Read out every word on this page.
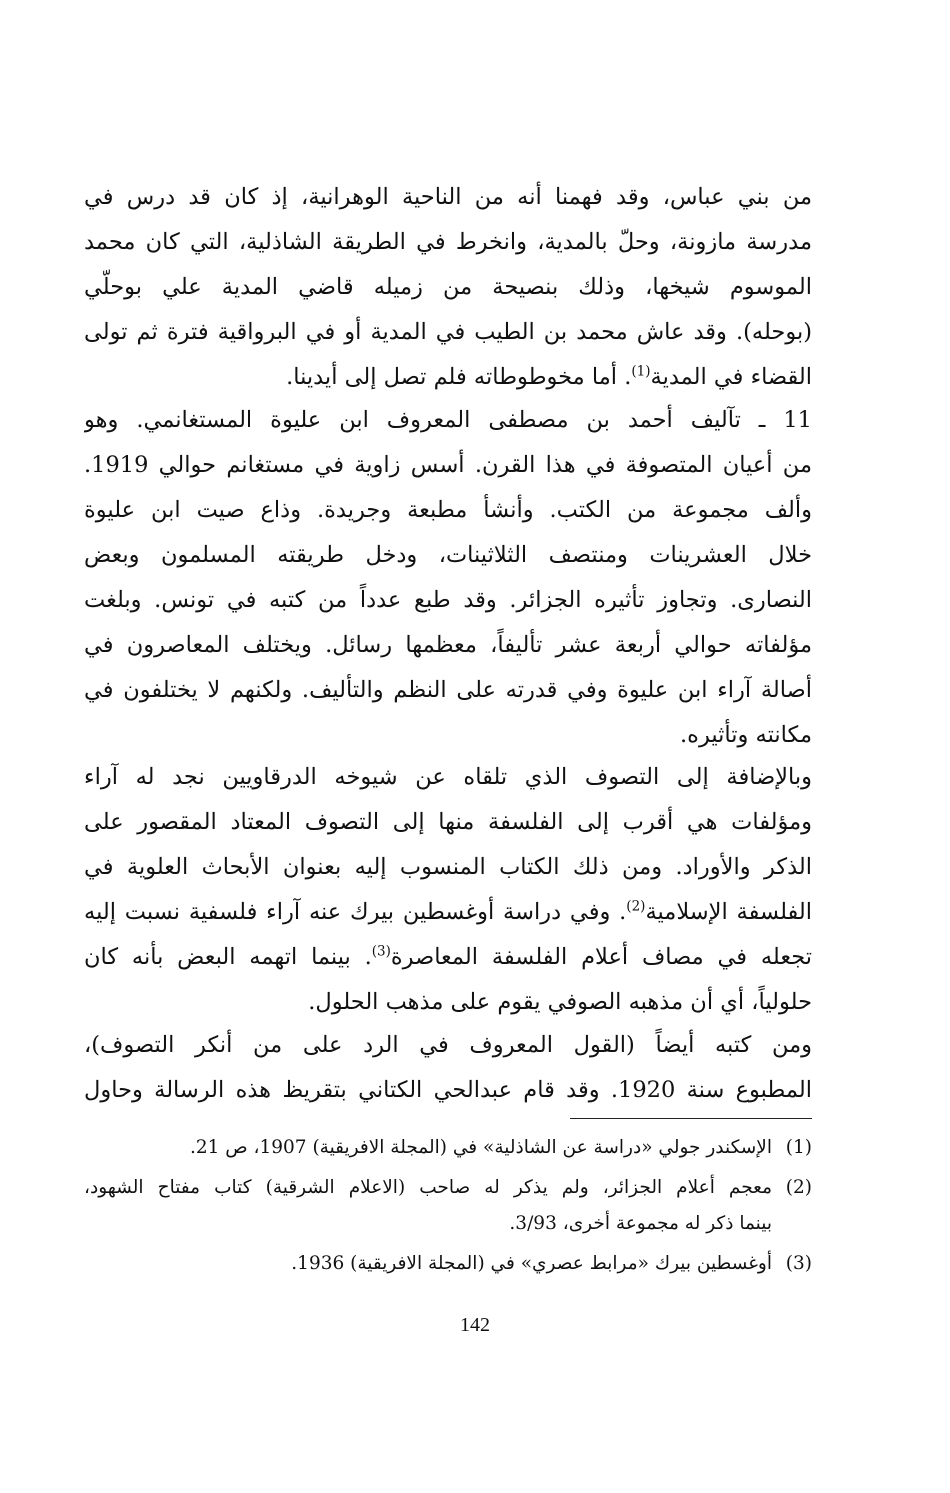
من بني عباس، وقد فهمنا أنه من الناحية الوهرانية، إذ كان قد درس في
مدرسة مازونة، وحلّ بالمدية، وانخرط في الطريقة الشاذلية، التي كان محمد
الموسوم شيخها، وذلك بنصيحة من زميله قاضي المدية علي بوحلّي
(بوحله). وقد عاش محمد بن الطيب في المدية أو في البرواقية فترة ثم تولى
القضاء في المدية$^{(1)}$. أما مخوطوطاته فلم تصل إلى أيدينا.
11 ـ تآليف أحمد بن مصطفى المعروف ابن عليوة المستغانمي. وهو
من أعيان المتصوفة في هذا القرن. أسس زاوية في مستغانم حوالي 1919.
وألف مجموعة من الكتب. وأنشأ مطبعة وجريدة. وذاع صيت ابن عليوة
خلال العشرينات ومنتصف الثلاثينات، ودخل طريقته المسلمون وبعض
النصارى. وتجاوز تأثيره الجزائر. وقد طبع عدداً من كتبه في تونس. وبلغت
مؤلفاته حوالي أربعة عشر تأليفاً، معظمها رسائل. ويختلف المعاصرون في
أصالة آراء ابن عليوة وفي قدرته على النظم والتأليف. ولكنهم لا يختلفون في
مكانته وتأثيره.
وبالإضافة إلى التصوف الذي تلقاه عن شيوخه الدرقاويين نجد له آراء
ومؤلفات هي أقرب إلى الفلسفة منها إلى التصوف المعتاد المقصور على
الذكر والأوراد. ومن ذلك الكتاب المنسوب إليه بعنوان الأبحاث العلوية في
الفلسفة الإسلامية$^{(2)}$. وفي دراسة أوغسطين بيرك عنه آراء فلسفية نسبت إليه
تجعله في مصاف أعلام الفلسفة المعاصرة$^{(3)}$. بينما اتهمه البعض بأنه كان
حلولياً، أي أن مذهبه الصوفي يقوم على مذهب الحلول.
ومن كتبه أيضاً (القول المعروف في الرد على من أنكر التصوف)،
المطبوع سنة 1920. وقد قام عبدالحي الكتاني بتقريظ هذه الرسالة وحاول
(1)
الإسكندر جولي «دراسة عن الشاذلية» في (المجلة الافريقية) 1907، ص 21.
(2)
معجم أعلام الجزائر، ولم يذكر له صاحب (الاعلام الشرقية) كتاب مفتاح الشهود،
بينما ذكر له مجموعة أخرى، 3/93.
(3)
أوغسطين بيرك «مرابط عصري» في (المجلة الافريقية) 1936.
142
